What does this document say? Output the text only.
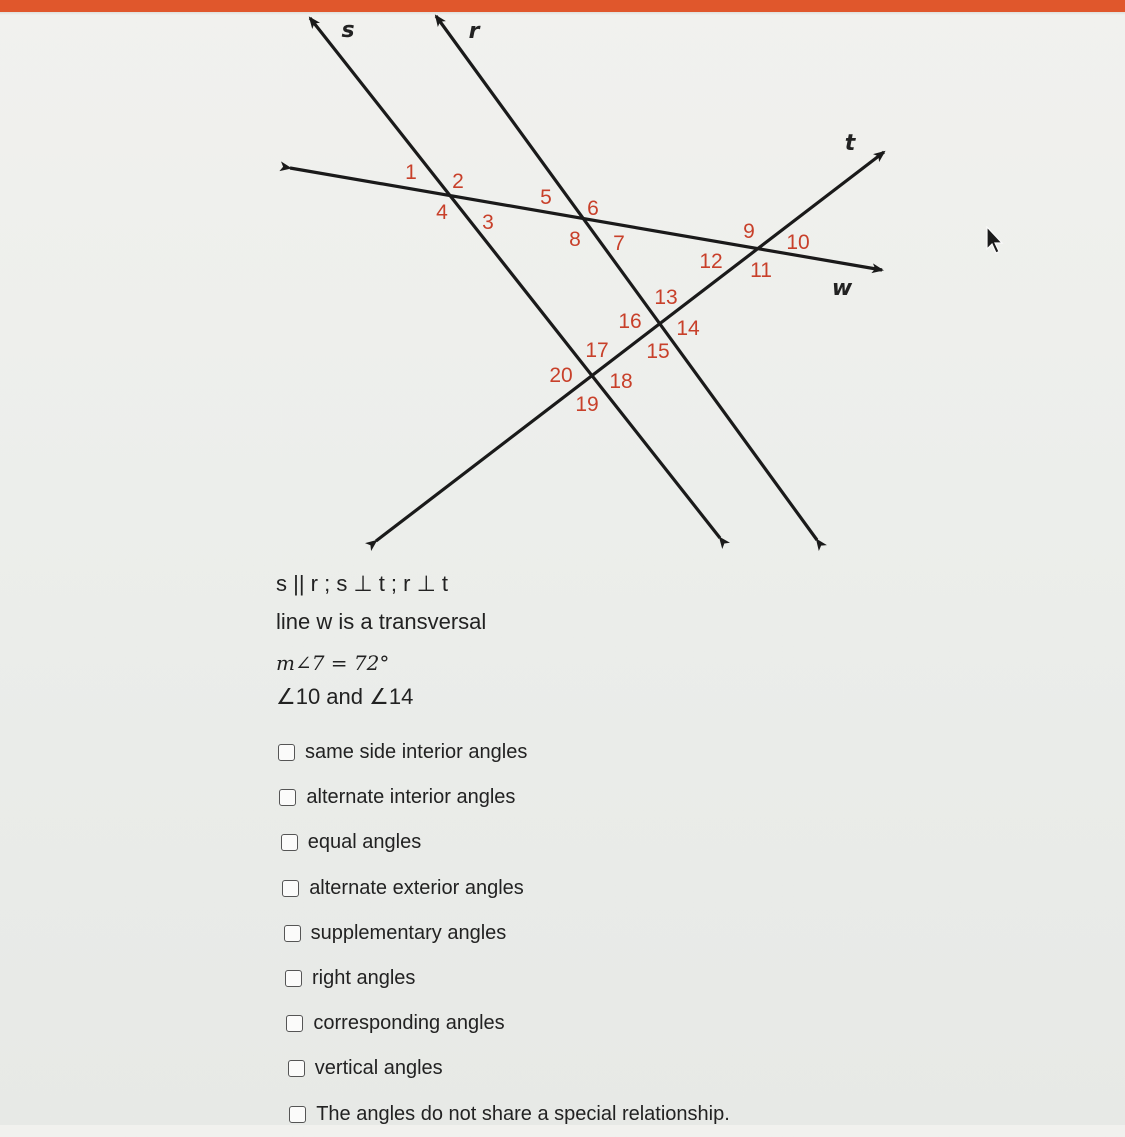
s	r
t
w
1 2
3
4
5 6
7
8	9 10
11
12
13
14
15
16
17
18
19
20
s || r ; s ⊥ t ; r ⊥ t
line w is a transversal
m∠7 = 72°
∠10 and ∠14
same side interior angles
alternate interior angles
equal angles
alternate exterior angles
supplementary angles
right angles
corresponding angles
vertical angles
The angles do not share a special relationship.
